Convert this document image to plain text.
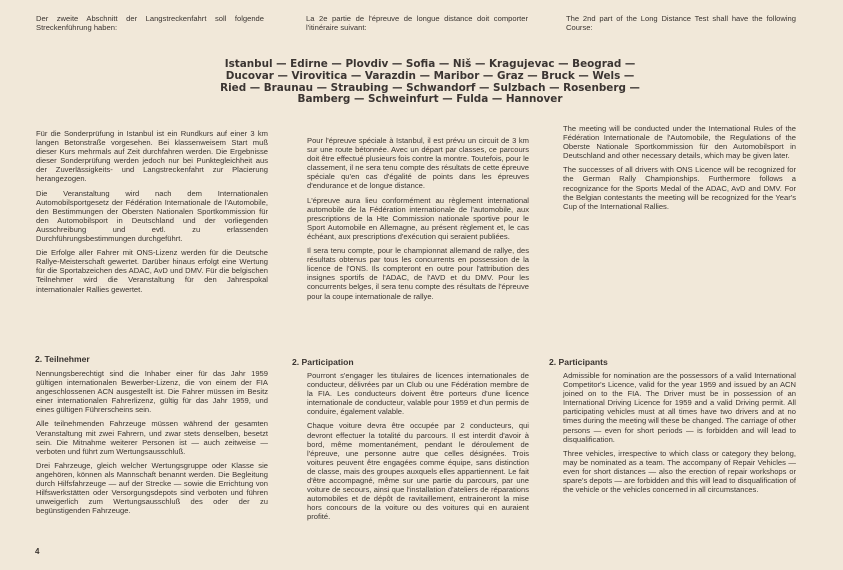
Der zweite Abschnitt der Langstreckenfahrt soll folgende Streckenführung haben:

La 2e partie de l'épreuve de longue distance doit comporter l'itinéraire suivant:

The 2nd part of the Long Distance Test shall have the following Course:

Istanbul — Edirne — Plovdiv — Sofia — Niš — Kragujevac — Beograd —
Ducovar — Virovitica — Varazdin — Maribor — Graz — Bruck — Wels —
Ried — Braunau — Straubing — Schwandorf — Sulzbach — Rosenberg —
Bamberg — Schweinfurt — Fulda — Hannover

Für die Sonderprüfung in Istanbul ist ein Rundkurs auf einer 3 km langen Betonstraße vorgesehen. Bei klassenweisem Start muß dieser Kurs mehrmals auf Zeit durchfahren werden. Die Ergebnisse dieser Sonderprüfung werden jedoch nur bei Punktegleichheit aus der Zuverlässigkeits- und Langstreckenfahrt zur Placierung herangezogen.

Die Veranstaltung wird nach dem Internationalen Automobilsportgesetz der Fédération Internationale de l'Automobile, den Bestimmungen der Obersten Nationalen Sportkommission für den Automobilsport in Deutschland und der vorliegenden Ausschreibung und evtl. zu erlassenden Durchführungsbestimmungen durchgeführt.

Die Erfolge aller Fahrer mit ONS-Lizenz werden für die Deutsche Rallye-Meisterschaft gewertet. Darüber hinaus erfolgt eine Wertung für die Sportabzeichen des ADAC, AvD und DMV. Für die belgischen Teilnehmer wird die Veranstaltung für den Jahrespokal internationaler Rallies gewertet.

Pour l'épreuve spéciale à Istanbul, il est prévu un circuit de 3 km sur une route bétonnée. Avec un départ par classes, ce parcours doit être effectué plusieurs fois contre la montre. Toutefois, pour le classement, il ne sera tenu compte des résultats de cette épreuve spéciale qu'en cas d'égalité de points dans les épreuves d'endurance et de longue distance.

L'épreuve aura lieu conformément au règlement international automobile de la Fédération internationale de l'automobile, aux prescriptions de la Hte Commission nationale sportive pour le Sport Automobile en Allemagne, au présent règlement et, le cas échéant, aux prescriptions d'exécution qui seraient publiées.

Il sera tenu compte, pour le championnat allemand de rallye, des résultats obtenus par tous les concurrents en possession de la licence de l'ONS. Ils compteront en outre pour l'attribution des insignes sportifs de l'ADAC, de l'AVD et du DMV. Pour les concurrents belges, il sera tenu compte des résultats de l'épreuve pour la coupe internationale de rallye.

The meeting will be conducted under the International Rules of the Fédération Internationale de l'Automobile, the Regulations of the Oberste Nationale Sportkommission für den Automobilsport in Deutschland and other necessary details, which may be given later.

The successes of all drivers with ONS Licence will be recognized for the German Rally Championships. Furthermore follows a recognizance for the Sports Medal of the ADAC, AvD and DMV. For the Belgian contestants the meeting will be recognized for the Year's Cup of the International Rallies.

2. Teilnehmer	2. Participation	2. Participants

Nennungsberechtigt sind die Inhaber einer für das Jahr 1959 gültigen internationalen Bewerber-Lizenz, die von einem der FIA angeschlossenen ACN ausgestellt ist. Die Fahrer müssen im Besitz einer internationalen Fahrerlizenz, gültig für das Jahr 1959, und eines gültigen Führerscheins sein.

Alle teilnehmenden Fahrzeuge müssen während der gesamten Veranstaltung mit zwei Fahrern, und zwar stets denselben, besetzt sein. Die Mitnahme weiterer Personen ist — auch zeitweise — verboten und führt zum Wertungsausschluß.

Drei Fahrzeuge, gleich welcher Wertungsgruppe oder Klasse sie angehören, können als Mannschaft benannt werden. Die Begleitung durch Hilfsfahrzeuge — auf der Strecke — sowie die Errichtung von Hilfswerkstätten oder Versorgungsdepots sind verboten und führen unweigerlich zum Wertungsausschluß des oder der zu begünstigenden Fahrzeuge.

Pourront s'engager les titulaires de licences internationales de conducteur, délivrées par un Club ou une Fédération membre de la FIA. Les conducteurs doivent être porteurs d'une licence internationale de conducteur, valable pour 1959 et d'un permis de conduire, également valable.

Chaque voiture devra être occupée par 2 conducteurs, qui devront effectuer la totalité du parcours. Il est interdit d'avoir à bord, même momentanément, pendant le déroulement de l'épreuve, une personne autre que celles désignées. Trois voitures peuvent être engagées comme équipe, sans distinction de classe, mais des groupes auxquels elles appartiennent. Le fait d'être accompagné, même sur une partie du parcours, par une voiture de secours, ainsi que l'installation d'ateliers de réparations automobiles et de dépôt de ravitaillement, entraineront la mise hors concours de la voiture ou des voitures qui en auraient profité.

Admissible for nomination are the possessors of a valid International Competitor's Licence, valid for the year 1959 and issued by an ACN joined on to the FIA. The Driver must be in possession of an International Driving Licence for 1959 and a valid Driving permit. All participating vehicles must at all times have two drivers and at no times during the meeting will these be changed. The carriage of other persons — even for short periods — is forbidden and will lead to disqualification.

Three vehicles, irrespective to which class or category they belong, may be nominated as a team. The accompany of Repair Vehicles — even for short distances — also the erection of repair workshops or spare's depots — are forbidden and this will lead to disqualification of the vehicle or the vehicles concerned in all circumstances.

4
